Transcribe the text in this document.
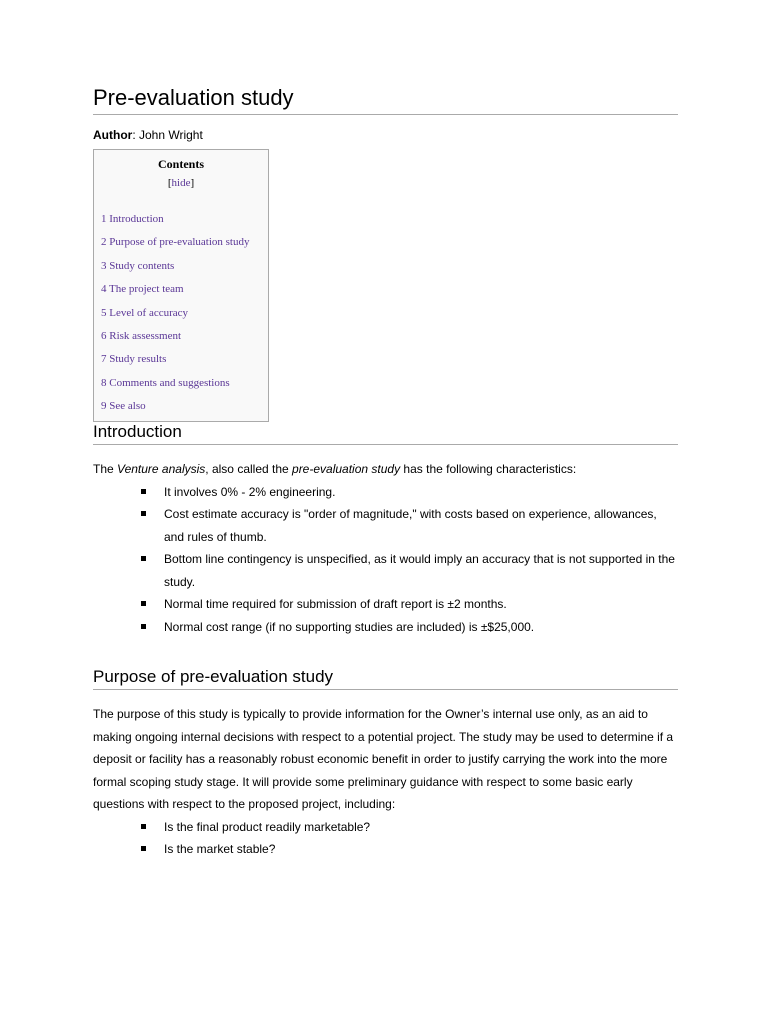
Pre-evaluation study
Author: John Wright
Contents
[hide]
1 Introduction
2 Purpose of pre-evaluation study
3 Study contents
4 The project team
5 Level of accuracy
6 Risk assessment
7 Study results
8 Comments and suggestions
9 See also
Introduction

The Venture analysis, also called the pre-evaluation study has the following characteristics:

It involves 0% - 2% engineering.
Cost estimate accuracy is "order of magnitude," with costs based on experience, allowances, and rules of thumb.
Bottom line contingency is unspecified, as it would imply an accuracy that is not supported in the study.
Normal time required for submission of draft report is ±2 months.
Normal cost range (if no supporting studies are included) is ±$25,000.
Purpose of pre-evaluation study

The purpose of this study is typically to provide information for the Owner’s internal use only, as an aid to making ongoing internal decisions with respect to a potential project. The study may be used to determine if a deposit or facility has a reasonably robust economic benefit in order to justify carrying the work into the more formal scoping study stage. It will provide some preliminary guidance with respect to some basic early questions with respect to the proposed project, including:

Is the final product readily marketable?
Is the market stable?
